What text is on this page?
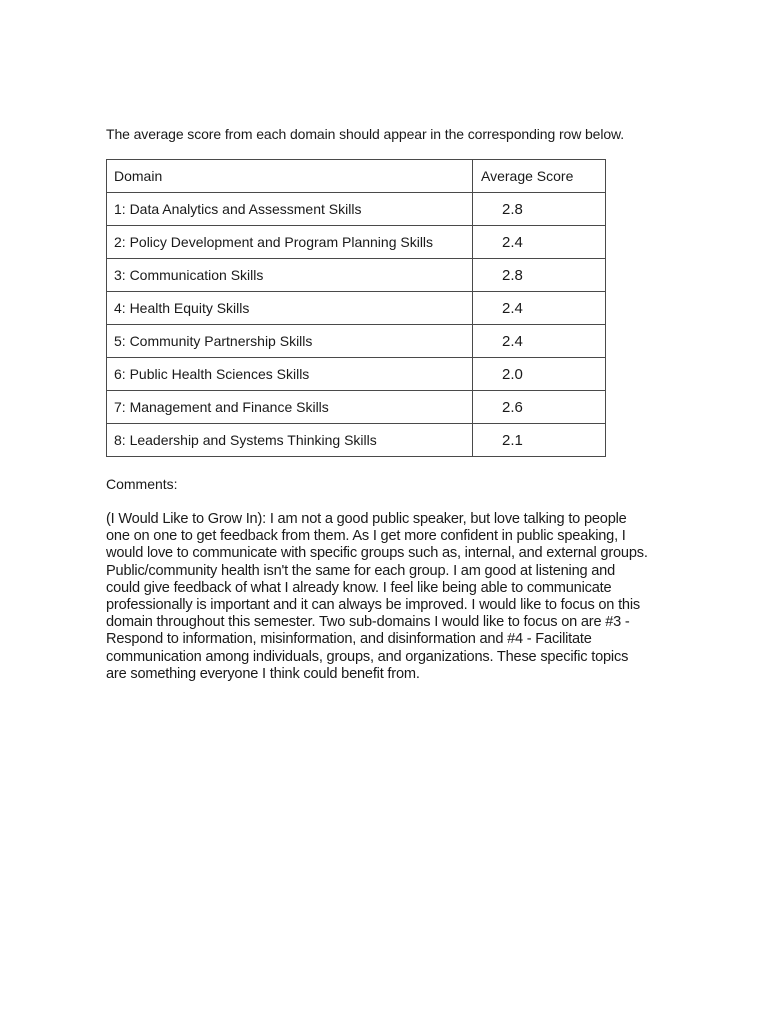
The average score from each domain should appear in the corresponding row below.
Domain	Average Score
1: Data Analytics and Assessment Skills	2.8
2: Policy Development and Program Planning Skills	2.4
3: Communication Skills	2.8
4: Health Equity Skills	2.4
5: Community Partnership Skills	2.4
6: Public Health Sciences Skills	2.0
7: Management and Finance Skills	2.6
8: Leadership and Systems Thinking Skills	2.1
Comments:
(I Would Like to Grow In): I am not a good public speaker, but love talking to people
one on one to get feedback from them. As I get more confident in public speaking, I
would love to communicate with specific groups such as, internal, and external groups.
Public/community health isn't the same for each group. I am good at listening and
could give feedback of what I already know. I feel like being able to communicate
professionally is important and it can always be improved. I would like to focus on this
domain throughout this semester. Two sub-domains I would like to focus on are #3 -
Respond to information, misinformation, and disinformation and #4 - Facilitate
communication among individuals, groups, and organizations. These specific topics
are something everyone I think could benefit from.
